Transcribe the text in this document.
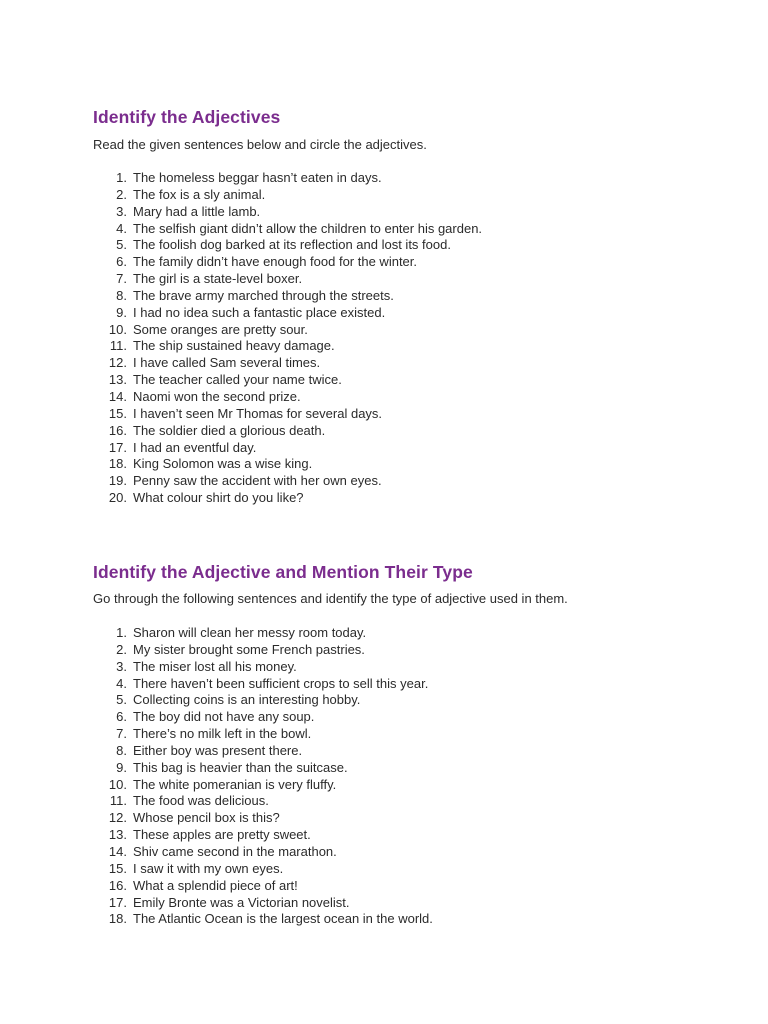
Identify the Adjectives

Read the given sentences below and circle the adjectives.

1. The homeless beggar hasn’t eaten in days.
2. The fox is a sly animal.
3. Mary had a little lamb.
4. The selfish giant didn’t allow the children to enter his garden.
5. The foolish dog barked at its reflection and lost its food.
6. The family didn’t have enough food for the winter.
7. The girl is a state-level boxer.
8. The brave army marched through the streets.
9. I had no idea such a fantastic place existed.
10. Some oranges are pretty sour.
11. The ship sustained heavy damage.
12. I have called Sam several times.
13. The teacher called your name twice.
14. Naomi won the second prize.
15. I haven’t seen Mr Thomas for several days.
16. The soldier died a glorious death.
17. I had an eventful day.
18. King Solomon was a wise king.
19. Penny saw the accident with her own eyes.
20. What colour shirt do you like?
Identify the Adjective and Mention Their Type

Go through the following sentences and identify the type of adjective used in them.

1. Sharon will clean her messy room today.
2. My sister brought some French pastries.
3. The miser lost all his money.
4. There haven’t been sufficient crops to sell this year.
5. Collecting coins is an interesting hobby.
6. The boy did not have any soup.
7. There’s no milk left in the bowl.
8. Either boy was present there.
9. This bag is heavier than the suitcase.
10. The white pomeranian is very fluffy.
11. The food was delicious.
12. Whose pencil box is this?
13. These apples are pretty sweet.
14. Shiv came second in the marathon.
15. I saw it with my own eyes.
16. What a splendid piece of art!
17. Emily Bronte was a Victorian novelist.
18. The Atlantic Ocean is the largest ocean in the world.
